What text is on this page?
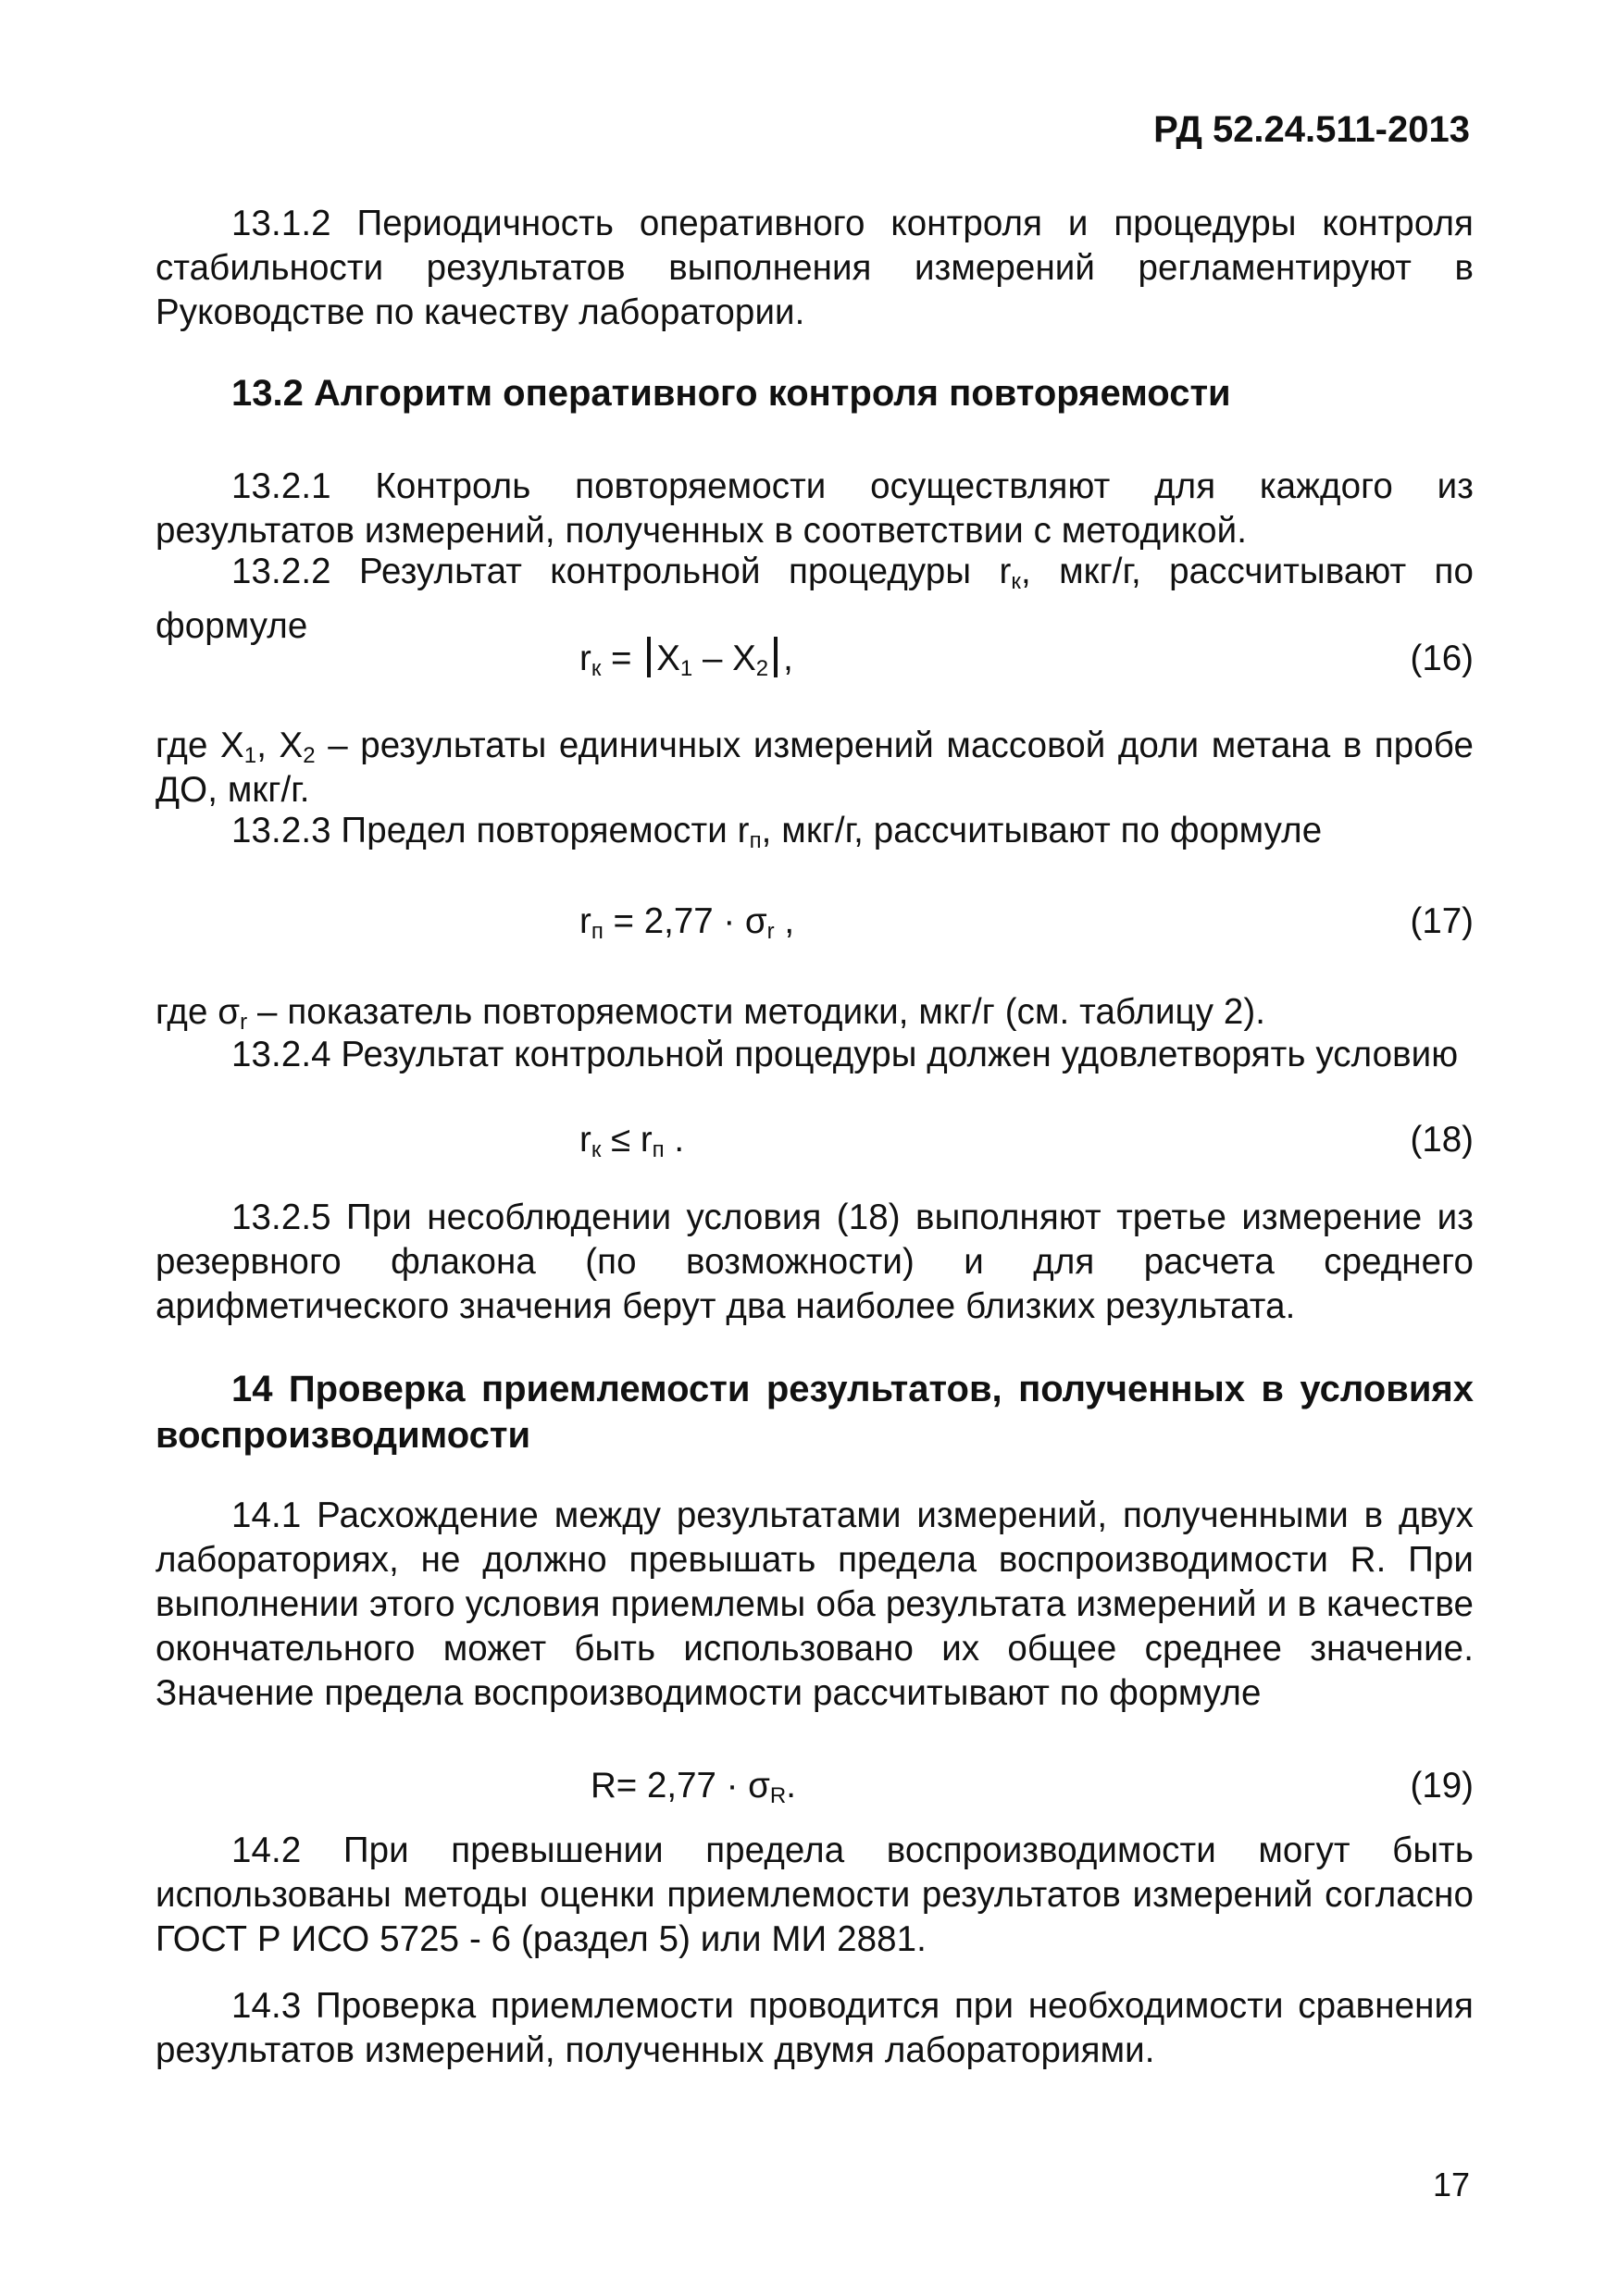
РД 52.24.511-2013

13.1.2 Периодичность оперативного контроля и процедуры контроля стабильности результатов выполнения измерений регламентируют в Руководстве по качеству лаборатории.

13.2 Алгоритм оперативного контроля повторяемости

13.2.1 Контроль повторяемости осуществляют для каждого из результатов измерений, полученных в соответствии с методикой.

13.2.2 Результат контрольной процедуры rк, мкг/г, рассчитывают по формуле

$r_к = X_1 - X_2$ ,	(16)

где $X_1$, $X_2$ – результаты единичных измерений массовой доли метана в пробе ДО, мкг/г.

13.2.3 Предел повторяемости rп, мкг/г, рассчитывают по формуле

$r_п = 2,77 \cdot \sigma_r$ ,	(17)

где $\sigma_r$ – показатель повторяемости методики, мкг/г (см. таблицу 2).

13.2.4 Результат контрольной процедуры должен удовлетворять условию

$r_к \le r_п$ .	(18)

13.2.5 При несоблюдении условия (18) выполняют третье измерение из резервного флакона (по возможности) и для расчета среднего арифметического значения берут два наиболее близких результата.

14 Проверка приемлемости результатов, полученных в условиях воспроизводимости

14.1 Расхождение между результатами измерений, полученными в двух лабораториях, не должно превышать предела воспроизводимости R. При выполнении этого условия приемлемы оба результата измерений и в качестве окончательного может быть использовано их общее среднее значение. Значение предела воспроизводимости рассчитывают по формуле

$R= 2,77 \cdot \sigma_R$.	(19)

14.2 При превышении предела воспроизводимости могут быть использованы методы оценки приемлемости результатов измерений согласно ГОСТ Р ИСО 5725 - 6 (раздел 5) или МИ 2881.

14.3 Проверка приемлемости проводится при необходимости сравнения результатов измерений, полученных двумя лабораториями.

17
